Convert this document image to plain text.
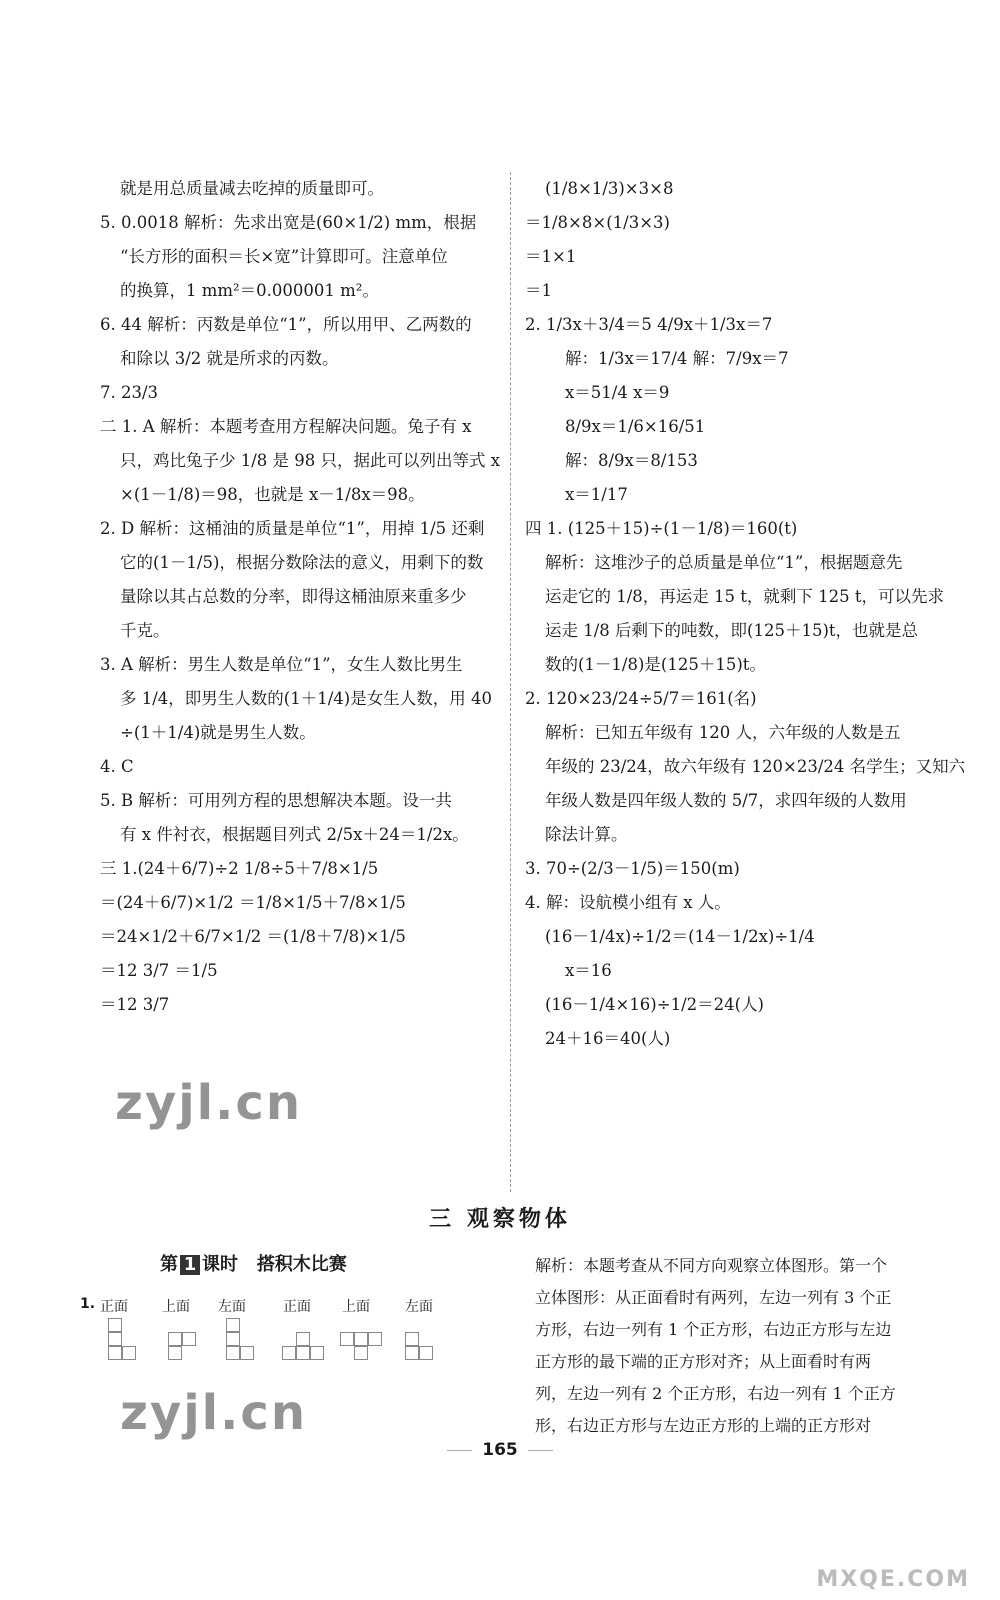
就是用总质量减去吃掉的质量即可。
5. 0.0018 解析：先求出宽是(60×1/2) mm，根据
“长方形的面积＝长×宽”计算即可。注意单位
的换算，1 mm²＝0.000001 m²。
6. 44 解析：丙数是单位“1”，所以用甲、乙两数的
和除以 3/2 就是所求的丙数。
7. 23/3
二 1. A 解析：本题考查用方程解决问题。兔子有 x
只，鸡比兔子少 1/8 是 98 只，据此可以列出等式 x
×(1－1/8)＝98，也就是 x－1/8x＝98。
2. D 解析：这桶油的质量是单位“1”，用掉 1/5 还剩
它的(1－1/5)，根据分数除法的意义，用剩下的数
量除以其占总数的分率，即得这桶油原来重多少
千克。
3. A 解析：男生人数是单位“1”，女生人数比男生
多 1/4，即男生人数的(1＋1/4)是女生人数，用 40
÷(1＋1/4)就是男生人数。
4. C
5. B 解析：可用列方程的思想解决本题。设一共
有 x 件衬衣，根据题目列式 2/5x＋24＝1/2x。
三 1.(24＋6/7)÷2 1/8÷5＋7/8×1/5
＝(24＋6/7)×1/2 ＝1/8×1/5＋7/8×1/5
＝24×1/2＋6/7×1/2 ＝(1/8＋7/8)×1/5
＝12 3/7 ＝1/5
＝12 3/7
(1/8×1/3)×3×8
＝1/8×8×(1/3×3)
＝1×1
＝1
2. 1/3x＋3/4＝5 4/9x＋1/3x＝7
解：1/3x＝17/4 解：7/9x＝7
x＝51/4 x＝9
8/9x＝1/6×16/51
解：8/9x＝8/153
x＝1/17
四 1. (125＋15)÷(1－1/8)＝160(t)
解析：这堆沙子的总质量是单位“1”，根据题意先
运走它的 1/8，再运走 15 t，就剩下 125 t，可以先求
运走 1/8 后剩下的吨数，即(125＋15)t，也就是总
数的(1－1/8)是(125＋15)t。
2. 120×23/24÷5/7＝161(名)
解析：已知五年级有 120 人，六年级的人数是五
年级的 23/24，故六年级有 120×23/24 名学生；又知六
年级人数是四年级人数的 5/7，求四年级的人数用
除法计算。
3. 70÷(2/3－1/5)＝150(m)
4. 解：设航模小组有 x 人。
(16－1/4x)÷1/2＝(14－1/2x)÷1/4
x＝16
(16－1/4×16)÷1/2＝24(人)
24＋16＝40(人)
三 观察物体
第 1 课时 搭积木比赛
1. 正面 上面 左面	正面 上面	左面
解析：本题考查从不同方向观察立体图形。第一个
立体图形：从正面看时有两列，左边一列有 3 个正
方形，右边一列有 1 个正方形，右边正方形与左边
正方形的最下端的正方形对齐；从上面看时有两
列，左边一列有 2 个正方形，右边一列有 1 个正方
形，右边正方形与左边正方形的上端的正方形对
165
zyjl.cn
zyjl.cn
MXQE.COM
